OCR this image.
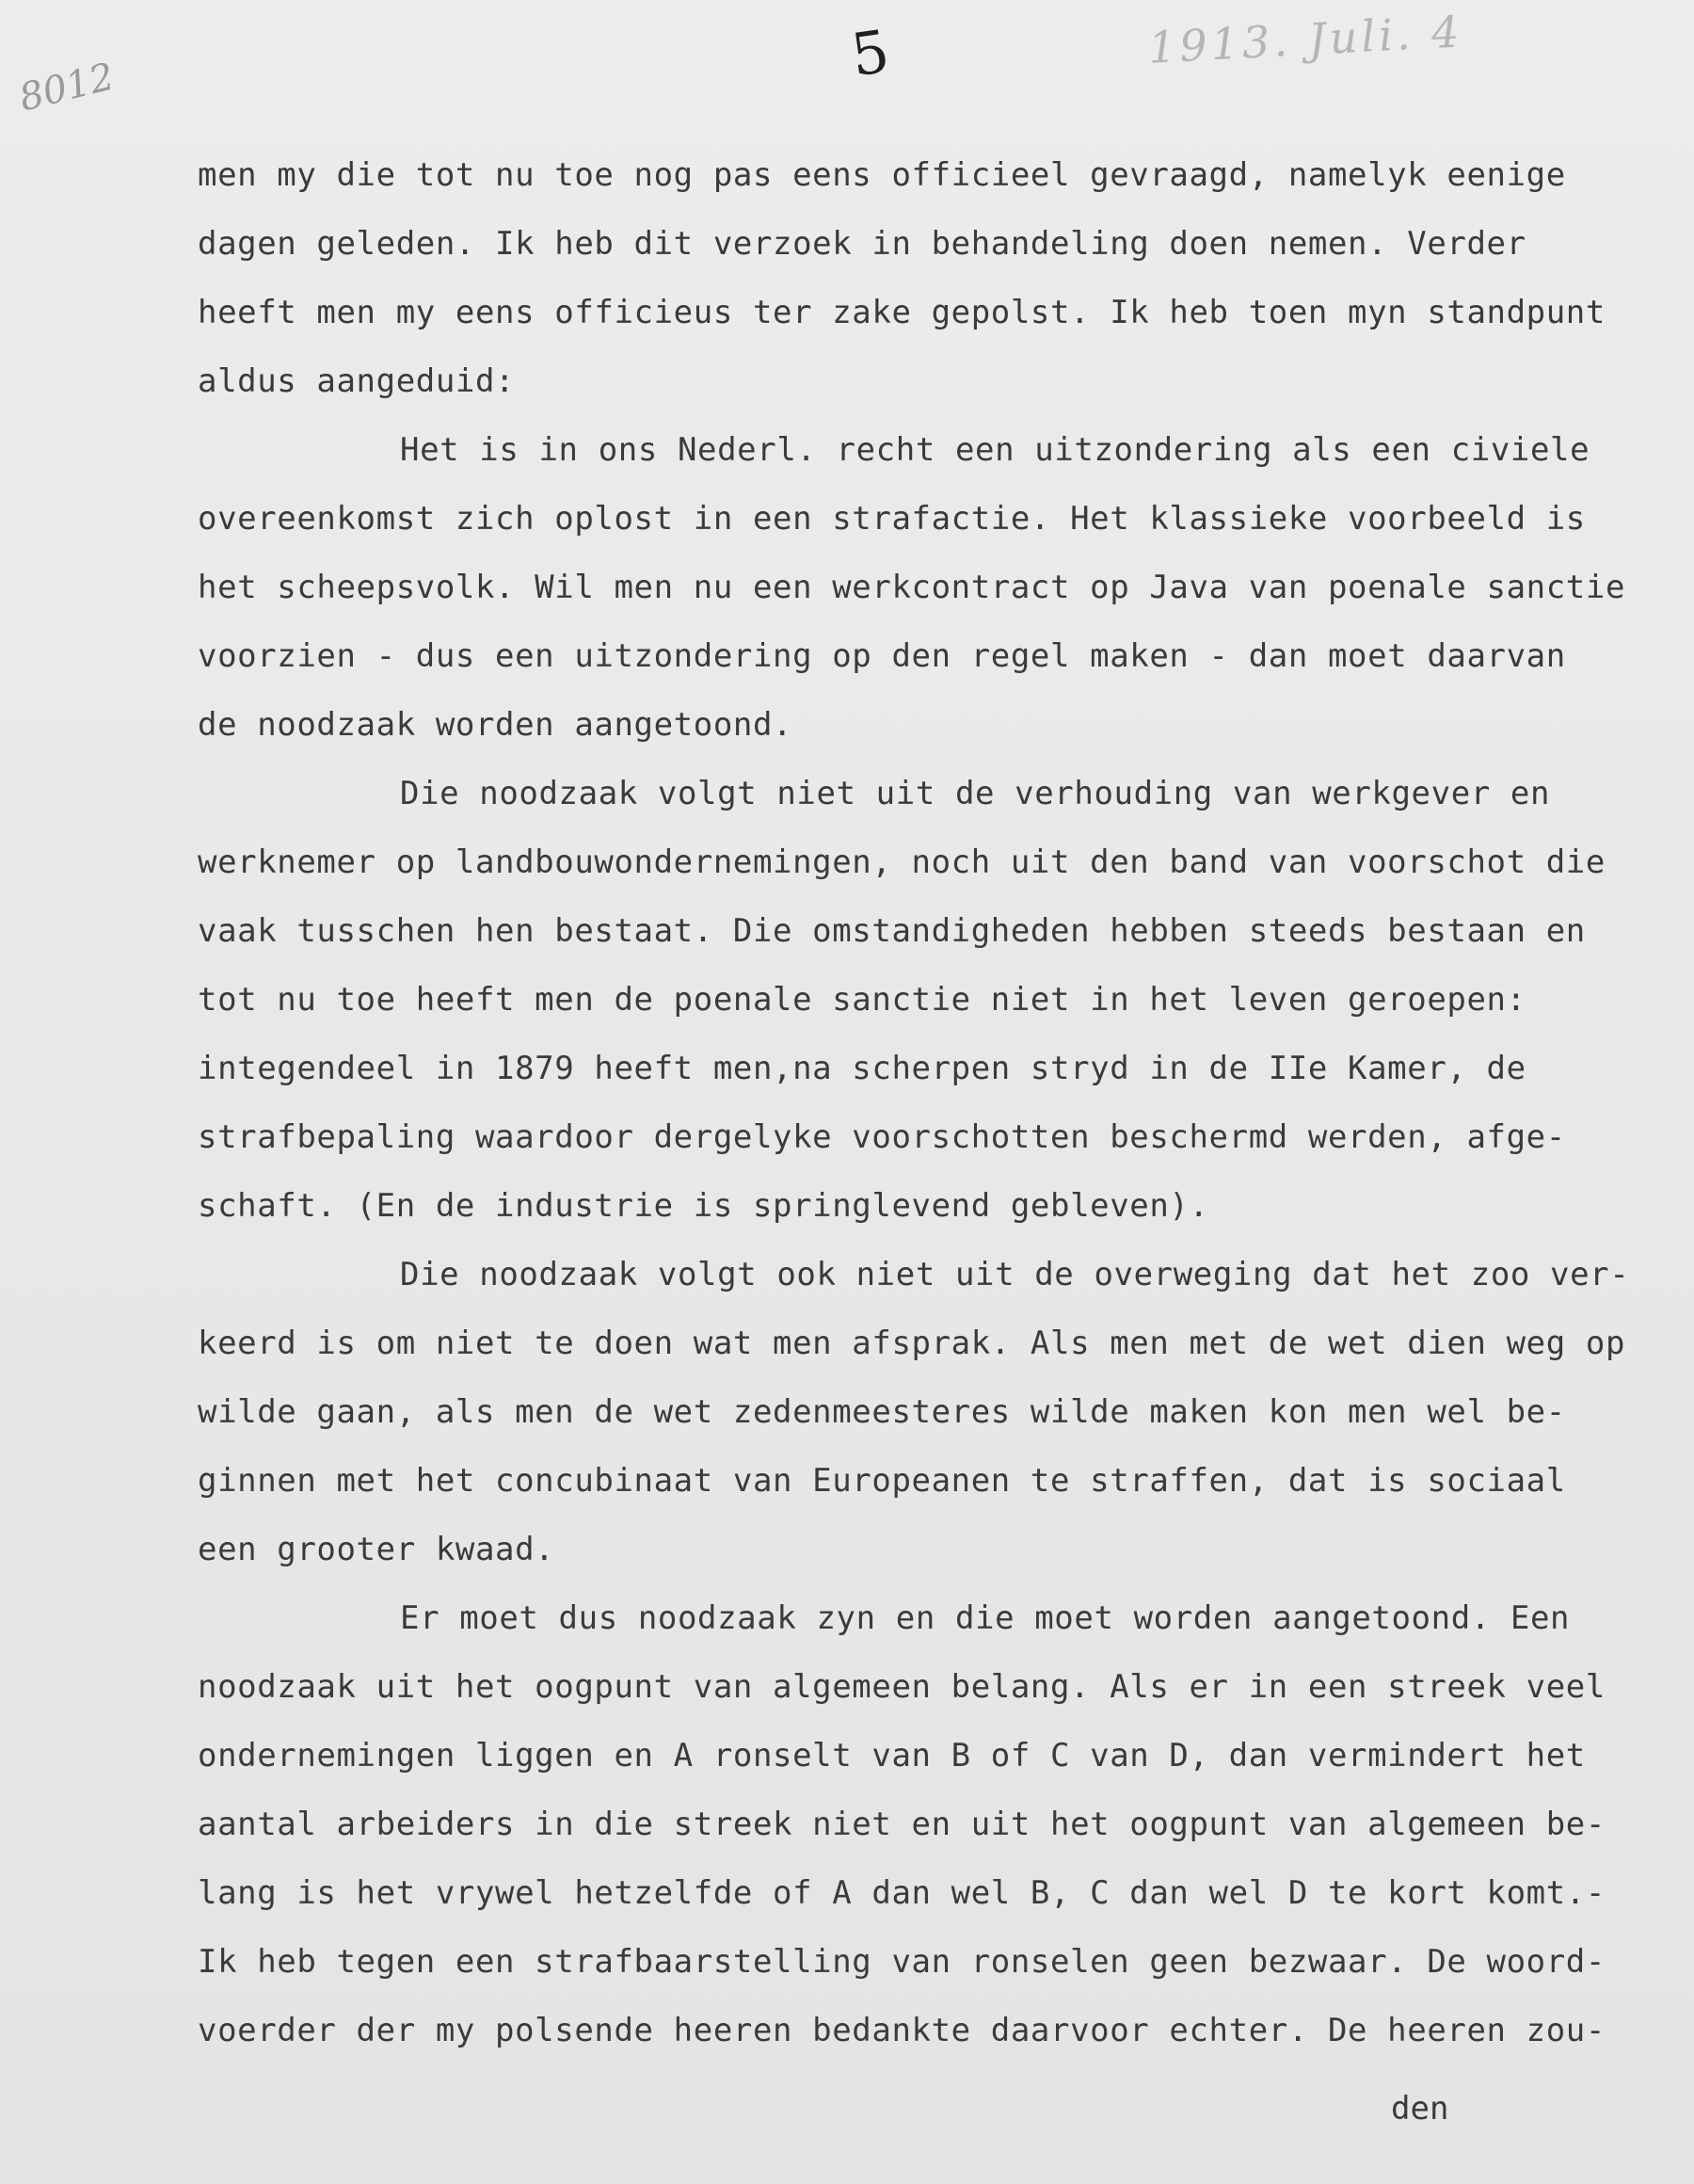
8012	5	1913. Juli. 4
men my die tot nu toe nog pas eens officieel gevraagd, namelyk eenige
dagen geleden. Ik heb dit verzoek in behandeling doen nemen. Verder
heeft men my eens officieus ter zake gepolst. Ik heb toen myn standpunt
aldus aangeduid:
Het is in ons Nederl. recht een uitzondering als een civiele
overeenkomst zich oplost in een strafactie. Het klassieke voorbeeld is
het scheepsvolk. Wil men nu een werkcontract op Java van poenale sanctie
voorzien - dus een uitzondering op den regel maken - dan moet daarvan
de noodzaak worden aangetoond.
Die noodzaak volgt niet uit de verhouding van werkgever en
werknemer op landbouwondernemingen, noch uit den band van voorschot die
vaak tusschen hen bestaat. Die omstandigheden hebben steeds bestaan en
tot nu toe heeft men de poenale sanctie niet in het leven geroepen:
integendeel in 1879 heeft men,na scherpen stryd in de IIe Kamer, de
strafbepaling waardoor dergelyke voorschotten beschermd werden, afge-
schaft. (En de industrie is springlevend gebleven).
Die noodzaak volgt ook niet uit de overweging dat het zoo ver-
keerd is om niet te doen wat men afsprak. Als men met de wet dien weg op
wilde gaan, als men de wet zedenmeesteres wilde maken kon men wel be-
ginnen met het concubinaat van Europeanen te straffen, dat is sociaal
een grooter kwaad.
Er moet dus noodzaak zyn en die moet worden aangetoond. Een
noodzaak uit het oogpunt van algemeen belang. Als er in een streek veel
ondernemingen liggen en A ronselt van B of C van D, dan vermindert het
aantal arbeiders in die streek niet en uit het oogpunt van algemeen be-
lang is het vrywel hetzelfde of A dan wel B, C dan wel D te kort komt.-
Ik heb tegen een strafbaarstelling van ronselen geen bezwaar. De woord-
voerder der my polsende heeren bedankte daarvoor echter. De heeren zou-
den
